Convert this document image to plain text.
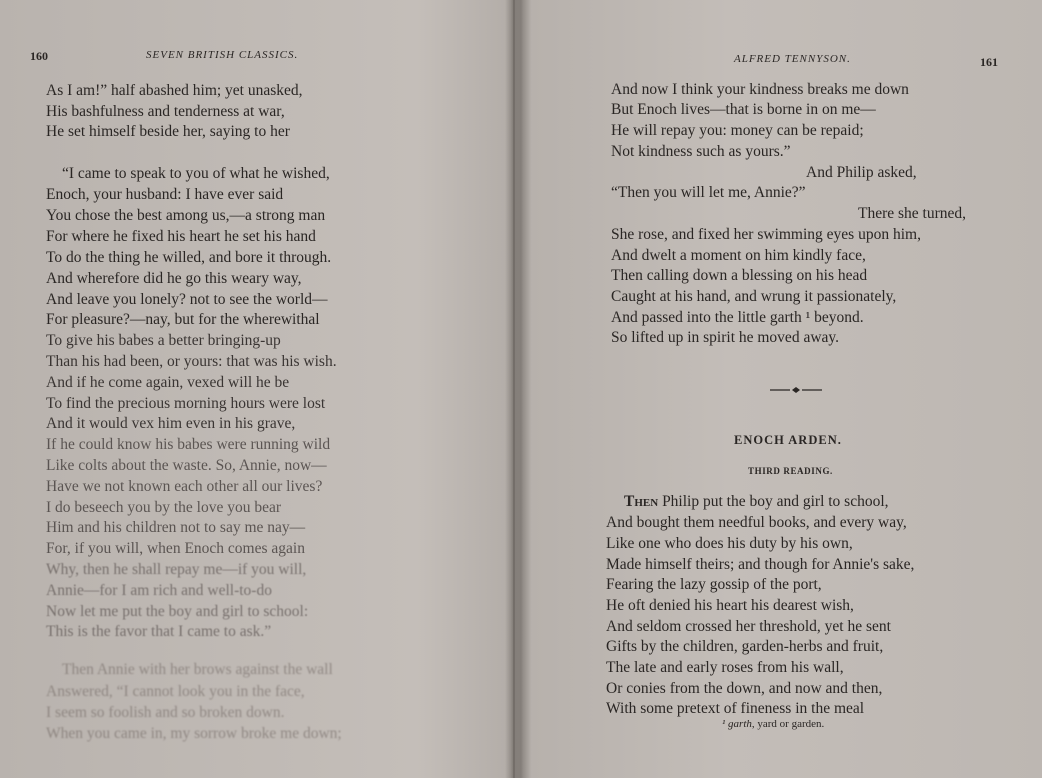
160	SEVEN BRITISH CLASSICS.
As I am!” half abashed him; yet unasked,
His bashfulness and tenderness at war,
He set himself beside her, saying to her
“I came to speak to you of what he wished,
Enoch, your husband: I have ever said
You chose the best among us,—a strong man
For where he fixed his heart he set his hand
To do the thing he willed, and bore it through.
And wherefore did he go this weary way,
And leave you lonely? not to see the world—
For pleasure?—nay, but for the wherewithal
To give his babes a better bringing-up
Than his had been, or yours: that was his wish.
And if he come again, vexed will he be
To find the precious morning hours were lost
And it would vex him even in his grave,
If he could know his babes were running wild
Like colts about the waste. So, Annie, now—
Have we not known each other all our lives?
I do beseech you by the love you bear
Him and his children not to say me nay—
For, if you will, when Enoch comes again
Why, then he shall repay me—if you will,
Annie—for I am rich and well-to-do
Now let me put the boy and girl to school:
This is the favor that I came to ask.”
Then Annie with her brows against the wall
Answered, “I cannot look you in the face,
I seem so foolish and so broken down.
When you came in, my sorrow broke me down;
ALFRED TENNYSON.	161
And now I think your kindness breaks me down
But Enoch lives—that is borne in on me—
He will repay you: money can be repaid;
Not kindness such as yours.”
And Philip asked,
“Then you will let me, Annie?”
There she turned,
She rose, and fixed her swimming eyes upon him,
And dwelt a moment on him kindly face,
Then calling down a blessing on his head
Caught at his hand, and wrung it passionately,
And passed into the little garth ¹ beyond.
So lifted up in spirit he moved away.
ENOCH ARDEN.
THIRD READING.
Then Philip put the boy and girl to school,
And bought them needful books, and every way,
Like one who does his duty by his own,
Made himself theirs; and though for Annie's sake,
Fearing the lazy gossip of the port,
He oft denied his heart his dearest wish,
And seldom crossed her threshold, yet he sent
Gifts by the children, garden-herbs and fruit,
The late and early roses from his wall,
Or conies from the down, and now and then,
With some pretext of fineness in the meal
¹ garth, yard or garden.
